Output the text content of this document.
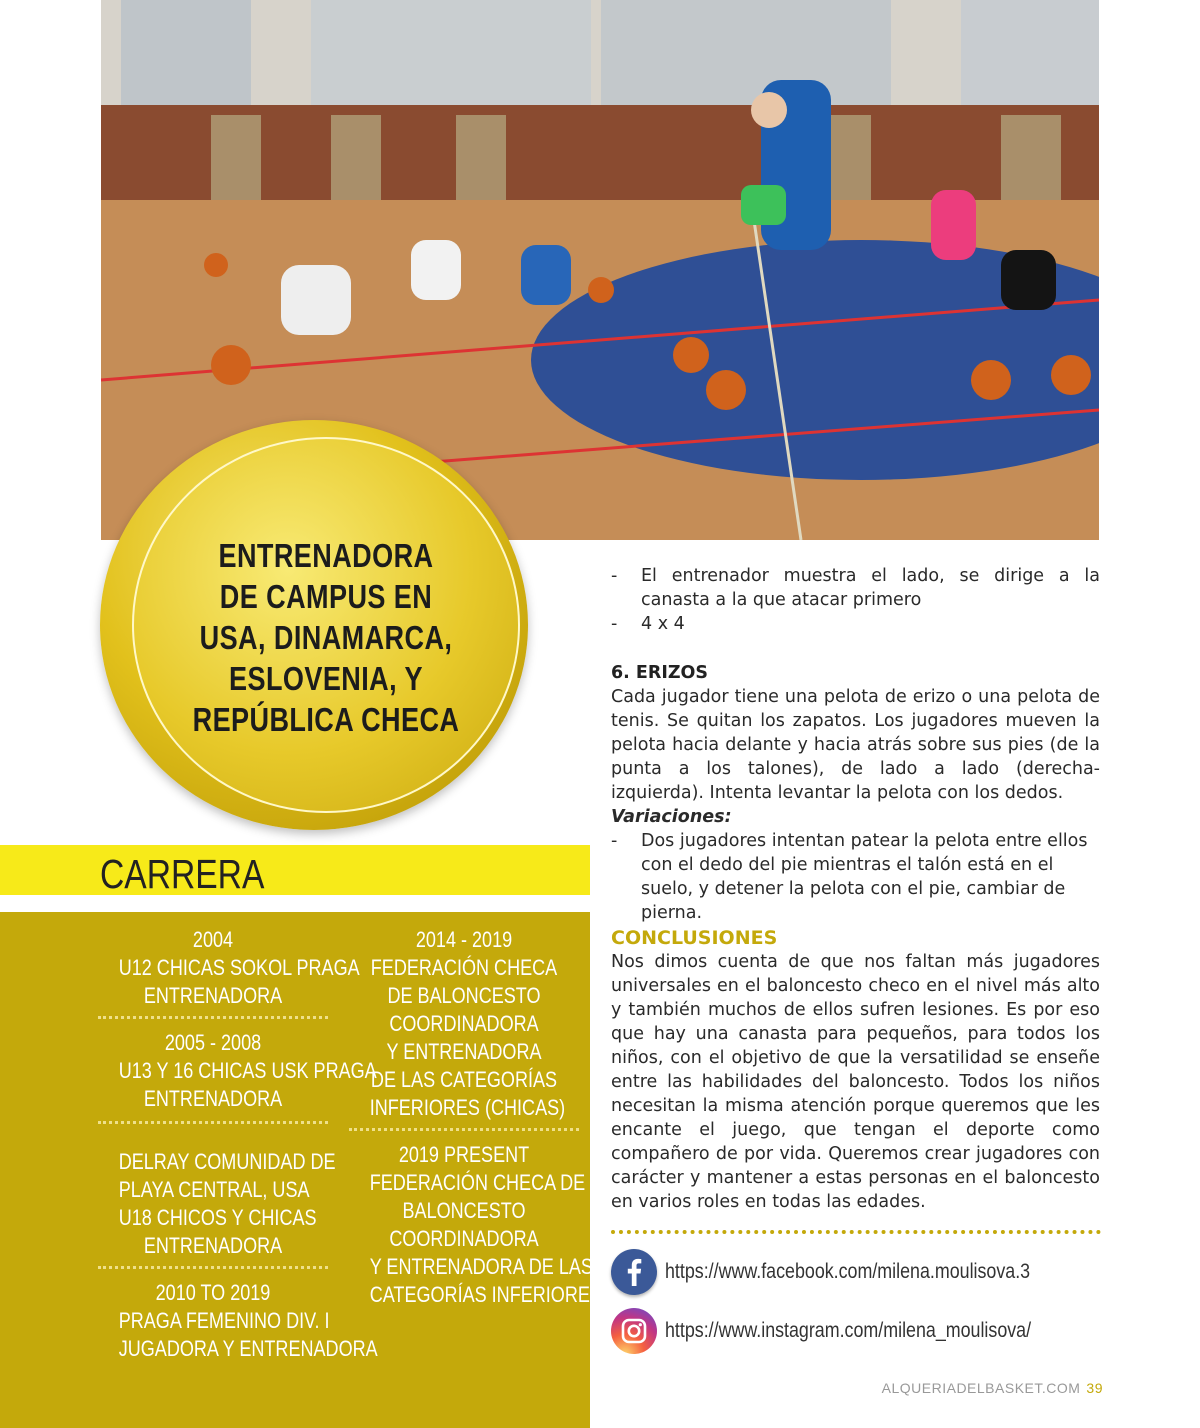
ENTRENADORA
DE CAMPUS EN
USA, DINAMARCA,
ESLOVENIA, Y
REPÚBLICA CHECA
CARRERA
2004
U12 CHICAS SOKOL PRAGA
ENTRENADORA
2005 - 2008
U13 Y 16 CHICAS USK PRAGA
ENTRENADORA
DELRAY COMUNIDAD DE
PLAYA CENTRAL, USA
U18 CHICOS Y CHICAS
ENTRENADORA
2010 TO 2019
PRAGA FEMENINO DIV. I
JUGADORA Y ENTRENADORA
2014 - 2019
FEDERACIÓN CHECA
DE BALONCESTO
COORDINADORA
Y ENTRENADORA
DE LAS CATEGORÍAS
INFERIORES (CHICAS)
2019 PRESENT
FEDERACIÓN CHECA DE
BALONCESTO
COORDINADORA
Y ENTRENADORA DE LAS
CATEGORÍAS INFERIORES
- El entrenador muestra el lado, se dirige a la canasta a la que atacar primero
- 4 x 4
6. ERIZOS
Cada jugador tiene una pelota de erizo o una pelota de tenis. Se quitan los zapatos. Los jugadores mueven la pelota hacia delante y hacia atrás sobre sus pies (de la punta a los talones), de lado a lado (derecha-izquierda). Intenta levantar la pelota con los dedos.
Variaciones:
- Dos jugadores intentan patear la pelota entre ellos con el dedo del pie mientras el talón está en el suelo, y detener la pelota con el pie, cambiar de pierna.
CONCLUSIONES
Nos dimos cuenta de que nos faltan más jugadores universales en el baloncesto checo en el nivel más alto y también muchos de ellos sufren lesiones. Es por eso que hay una canasta para pequeños, para todos los niños, con el objetivo de que la versatilidad se enseñe entre las habilidades del baloncesto. Todos los niños necesitan la misma atención porque queremos que les encante el juego, que tengan el deporte como compañero de por vida. Queremos crear jugadores con carácter y mantener a estas personas en el baloncesto en varios roles en todas las edades.
https://www.facebook.com/milena.moulisova.3
https://www.instagram.com/milena_moulisova/
ALQUERIADELBASKET.COM 39
